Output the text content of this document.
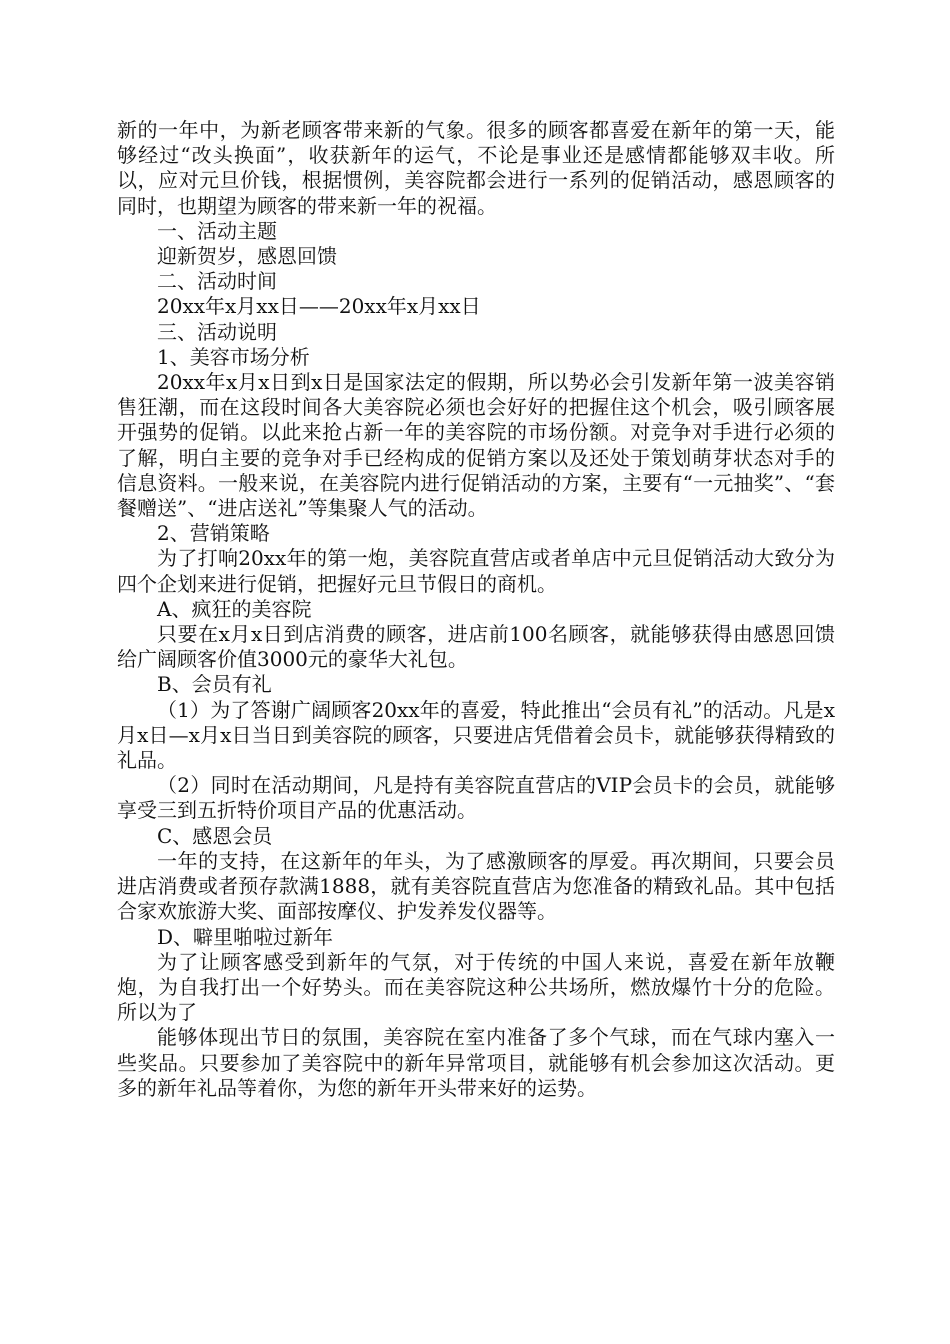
新的一年中，为新老顾客带来新的气象。很多的顾客都喜爱在新年的第一天，能够经过“改头换面”，收获新年的运气，不论是事业还是感情都能够双丰收。所以，应对元旦价钱，根据惯例，美容院都会进行一系列的促销活动，感恩顾客的同时，也期望为顾客的带来新一年的祝福。

一、活动主题

迎新贺岁，感恩回馈

二、活动时间

20xx年x月xx日——20xx年x月xx日

三、活动说明

1、美容市场分析

20xx年x月x日到x日是国家法定的假期，所以势必会引发新年第一波美容销售狂潮，而在这段时间各大美容院必须也会好好的把握住这个机会，吸引顾客展开强势的促销。以此来抢占新一年的美容院的市场份额。对竞争对手进行必须的了解，明白主要的竞争对手已经构成的促销方案以及还处于策划萌芽状态对手的信息资料。一般来说，在美容院内进行促销活动的方案，主要有“一元抽奖”、“套餐赠送”、“进店送礼”等集聚人气的活动。

2、营销策略

为了打响20xx年的第一炮，美容院直营店或者单店中元旦促销活动大致分为四个企划来进行促销，把握好元旦节假日的商机。

A、疯狂的美容院

只要在x月x日到店消费的顾客，进店前100名顾客，就能够获得由感恩回馈给广阔顾客价值3000元的豪华大礼包。

B、会员有礼

（1）为了答谢广阔顾客20xx年的喜爱，特此推出“会员有礼”的活动。凡是x月x日—x月x日当日到美容院的顾客，只要进店凭借着会员卡，就能够获得精致的礼品。

（2）同时在活动期间，凡是持有美容院直营店的VIP会员卡的会员，就能够享受三到五折特价项目产品的优惠活动。

C、感恩会员

一年的支持，在这新年的年头，为了感激顾客的厚爱。再次期间，只要会员进店消费或者预存款满1888，就有美容院直营店为您准备的精致礼品。其中包括合家欢旅游大奖、面部按摩仪、护发养发仪器等。

D、噼里啪啦过新年

为了让顾客感受到新年的气氛，对于传统的中国人来说，喜爱在新年放鞭炮，为自我打出一个好势头。而在美容院这种公共场所，燃放爆竹十分的危险。所以为了

能够体现出节日的氛围，美容院在室内准备了多个气球，而在气球内塞入一些奖品。只要参加了美容院中的新年异常项目，就能够有机会参加这次活动。更多的新年礼品等着你，为您的新年开头带来好的运势。
